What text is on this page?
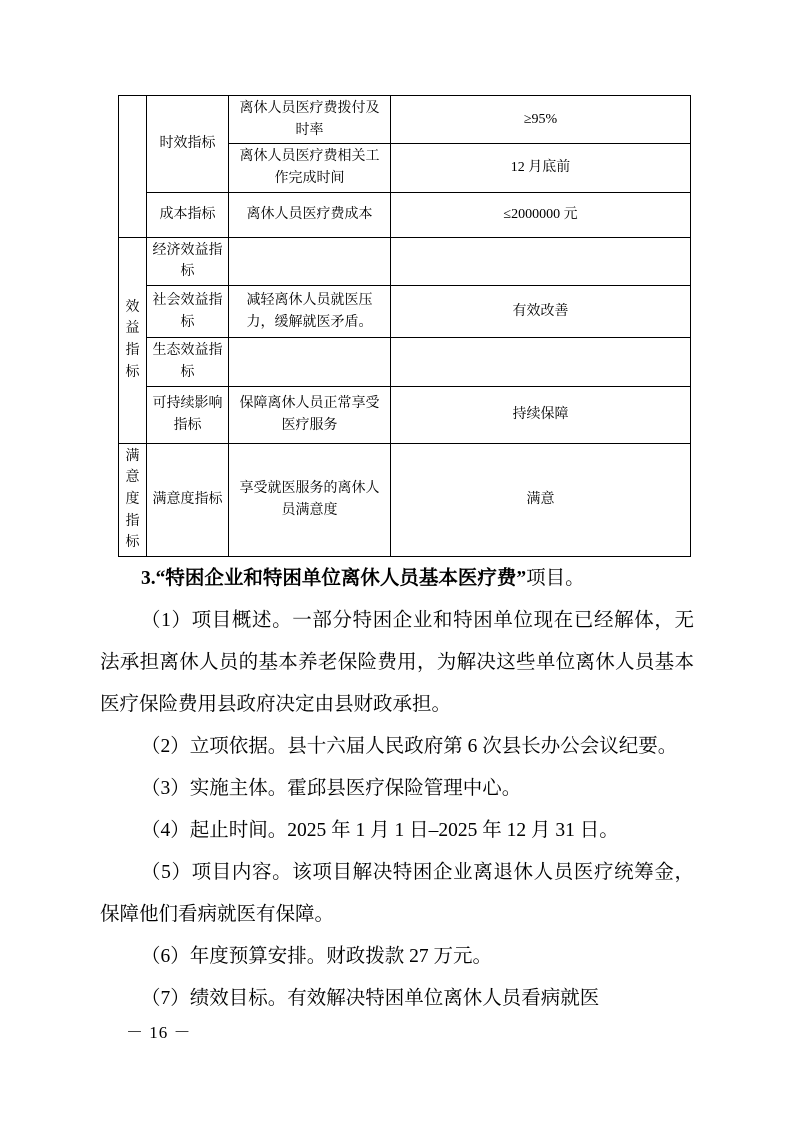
	时效指标	离休人员医疗费拨付及时率	≥95%
		离休人员医疗费相关工作完成时间	12 月底前
	成本指标	离休人员医疗费成本	≤2000000 元
效益指标	经济效益指标		
	社会效益指标	减轻离休人员就医压力，缓解就医矛盾。	有效改善
	生态效益指标		
	可持续影响指标	保障离休人员正常享受医疗服务	持续保障
满意度指标	满意度指标	享受就医服务的离休人员满意度	满意

3.“特困企业和特困单位离休人员基本医疗费”项目。

（1）项目概述。一部分特困企业和特困单位现在已经解体，无法承担离休人员的基本养老保险费用，为解决这些单位离休人员基本医疗保险费用县政府决定由县财政承担。

（2）立项依据。县十六届人民政府第 6 次县长办公会议纪要。

（3）实施主体。霍邱县医疗保险管理中心。

（4）起止时间。2025 年 1 月 1 日–2025 年 12 月 31 日。

（5）项目内容。该项目解决特困企业离退休人员医疗统筹金，保障他们看病就医有保障。

（6）年度预算安排。财政拨款 27 万元。

（7）绩效目标。有效解决特困单位离休人员看病就医

－ 16 －
